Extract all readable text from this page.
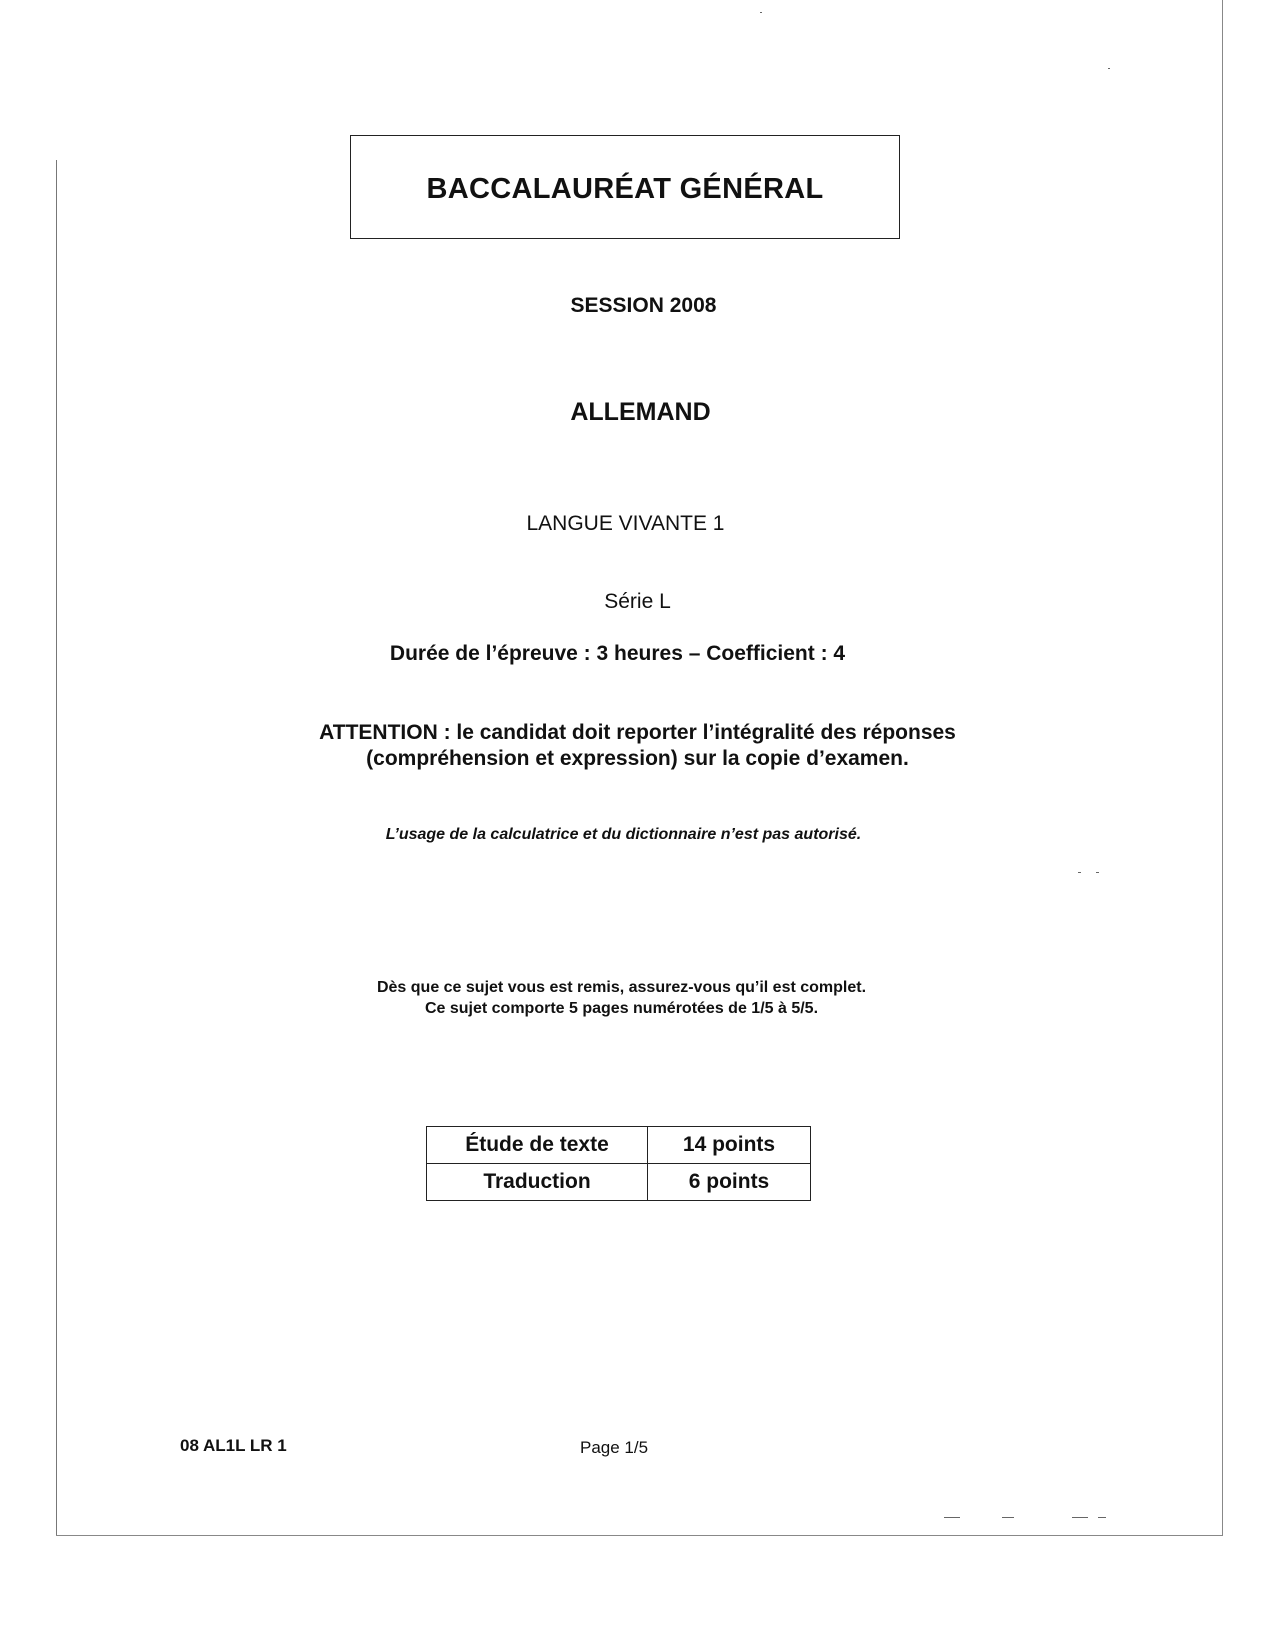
BACCALAURÉAT GÉNÉRAL
SESSION 2008
ALLEMAND
LANGUE VIVANTE 1
Série L
Durée de l’épreuve : 3 heures – Coefficient : 4
ATTENTION : le candidat doit reporter l’intégralité des réponses
(compréhension et expression) sur la copie d’examen.
L’usage de la calculatrice et du dictionnaire n’est pas autorisé.
Dès que ce sujet vous est remis, assurez-vous qu’il est complet.
Ce sujet comporte 5 pages numérotées de 1/5 à 5/5.
Étude de texte	14 points
Traduction	6 points
08 AL1L LR 1	Page 1/5
